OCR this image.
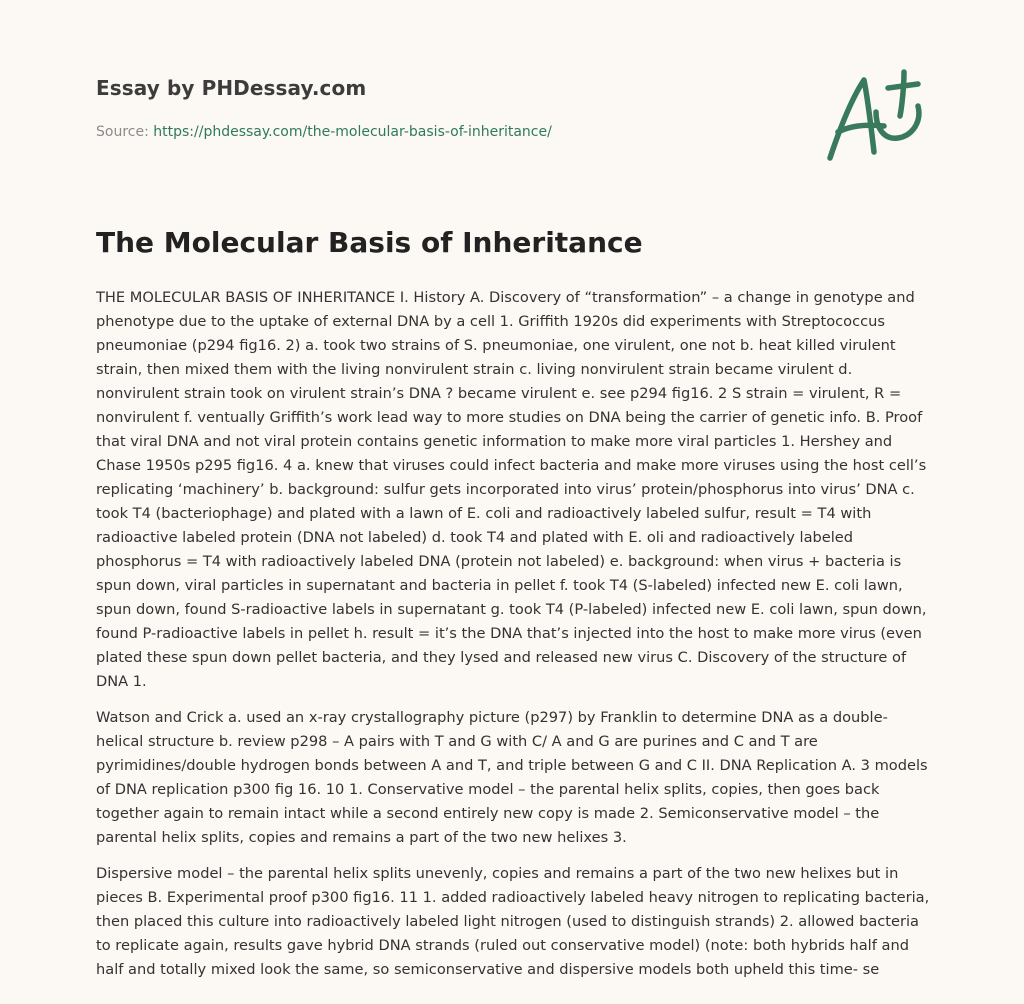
Essay by PHDessay.com
Source: https://phdessay.com/the-molecular-basis-of-inheritance/
The Molecular Basis of Inheritance

THE MOLECULAR BASIS OF INHERITANCE I. History A. Discovery of “transformation” – a change in genotype and phenotype due to the uptake of external DNA by a cell 1. Griffith 1920s did experiments with Streptococcus pneumoniae (p294 fig16. 2) a. took two strains of S. pneumoniae, one virulent, one not b. heat killed virulent strain, then mixed them with the living nonvirulent strain c. living nonvirulent strain became virulent d. nonvirulent strain took on virulent strain’s DNA ? became virulent e. see p294 fig16. 2 S strain = virulent, R = nonvirulent f. ventually Griffith’s work lead way to more studies on DNA being the carrier of genetic info. B. Proof that viral DNA and not viral protein contains genetic information to make more viral particles 1. Hershey and Chase 1950s p295 fig16. 4 a. knew that viruses could infect bacteria and make more viruses using the host cell’s replicating ‘machinery’ b. background: sulfur gets incorporated into virus’ protein/phosphorus into virus’ DNA c. took T4 (bacteriophage) and plated with a lawn of E. coli and radioactively labeled sulfur, result = T4 with radioactive labeled protein (DNA not labeled) d. took T4 and plated with E. oli and radioactively labeled phosphorus = T4 with radioactively labeled DNA (protein not labeled) e. background: when virus + bacteria is spun down, viral particles in supernatant and bacteria in pellet f. took T4 (S-labeled) infected new E. coli lawn, spun down, found S-radioactive labels in supernatant g. took T4 (P-labeled) infected new E. coli lawn, spun down, found P-radioactive labels in pellet h. result = it’s the DNA that’s injected into the host to make more virus (even plated these spun down pellet bacteria, and they lysed and released new virus C. Discovery of the structure of DNA 1.

Watson and Crick a. used an x-ray crystallography picture (p297) by Franklin to determine DNA as a double-helical structure b. review p298 – A pairs with T and G with C/ A and G are purines and C and T are pyrimidines/double hydrogen bonds between A and T, and triple between G and C II. DNA Replication A. 3 models of DNA replication p300 fig 16. 10 1. Conservative model – the parental helix splits, copies, then goes back together again to remain intact while a second entirely new copy is made 2. Semiconservative model – the parental helix splits, copies and remains a part of the two new helixes 3.

Dispersive model – the parental helix splits unevenly, copies and remains a part of the two new helixes but in pieces B. Experimental proof p300 fig16. 11 1. added radioactively labeled heavy nitrogen to replicating bacteria, then placed this culture into radioactively labeled light nitrogen (used to distinguish strands) 2. allowed bacteria to replicate again, results gave hybrid DNA strands (ruled out conservative model) (note: both hybrids half and half and totally mixed look the same, so semiconservative and dispersive models both upheld this time- se
